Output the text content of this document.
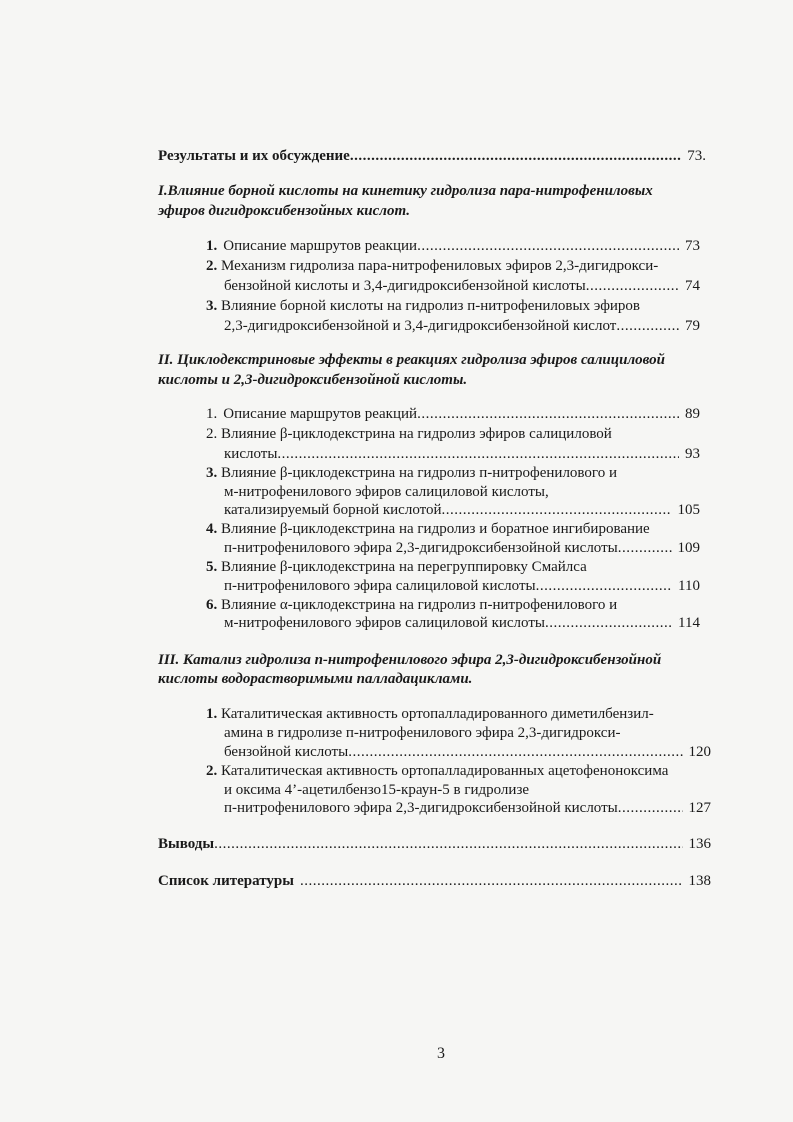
Результаты и их обсуждение .....	73.
I.Влияние борной кислоты на кинетику гидролиза пара-нитрофениловых
эфиров дигидроксибензойных кислот.
1. Описание маршрутов реакции .....	73
2. Механизм гидролиза пара-нитрофениловых эфиров 2,3-дигидрокси-
бензойной кислоты и 3,4-дигидроксибензойной кислоты .....	74
3. Влияние борной кислоты на гидролиз п-нитрофениловых эфиров
2,3-дигидроксибензойной и 3,4-дигидроксибензойной кислот .....	79
II. Циклодекстриновые эффекты в реакциях гидролиза эфиров салициловой
кислоты и 2,3-дигидроксибензойной кислоты.
1. Описание маршрутов реакций .....	89
2. Влияние β-циклодекстрина на гидролиз эфиров салициловой
кислоты .....	93
3. Влияние β-циклодекстрина на гидролиз п-нитрофенилового и
м-нитрофенилового эфиров салициловой кислоты,
катализируемый борной кислотой .....	105
4. Влияние β-циклодекстрина на гидролиз и боратное ингибирование
п-нитрофенилового эфира 2,3-дигидроксибензойной кислоты .....	109
5. Влияние β-циклодекстрина на перегруппировку Смайлса
п-нитрофенилового эфира салициловой кислоты .....	110
6. Влияние α-циклодекстрина на гидролиз п-нитрофенилового и
м-нитрофенилового эфиров салициловой кислоты .....	114
III. Катализ гидролиза п-нитрофенилового эфира 2,3-дигидроксибензойной
кислоты водорастворимыми палладациклами.
1. Каталитическая активность ортопалладированного диметилбензил-
амина в гидролизе п-нитрофенилового эфира 2,3-дигидрокси-
бензойной кислоты .....	120
2. Каталитическая активность ортопалладированных ацетофеноноксима
и оксима 4’-ацетилбензо15-краун-5 в гидролизе
п-нитрофенилового эфира 2,3-дигидроксибензойной кислоты .....	127
Выводы .....	136
Список литературы .....	138
3
